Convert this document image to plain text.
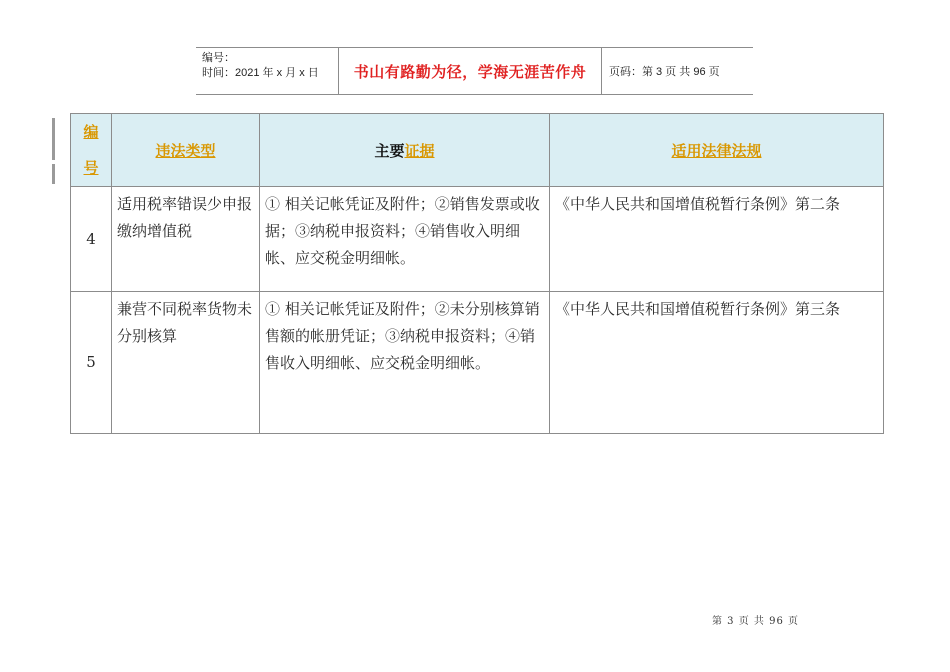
编号：
时间：2021 年 x 月 x 日	书山有路勤为径，学海无涯苦作舟	页码：第 3 页 共 96 页
编
号	违法类型	主要证据	适用法律法规
4	适用税率错误少申报缴纳增值税	① 相关记帐凭证及附件；②销售发票或收据；③纳税申报资料；④销售收入明细帐、应交税金明细帐。	《中华人民共和国增值税暂行条例》第二条
5	兼营不同税率货物未分别核算	① 相关记帐凭证及附件；②未分别核算销售额的帐册凭证；③纳税申报资料；④销售收入明细帐、应交税金明细帐。	《中华人民共和国增值税暂行条例》第三条
第 3 页 共 96 页
